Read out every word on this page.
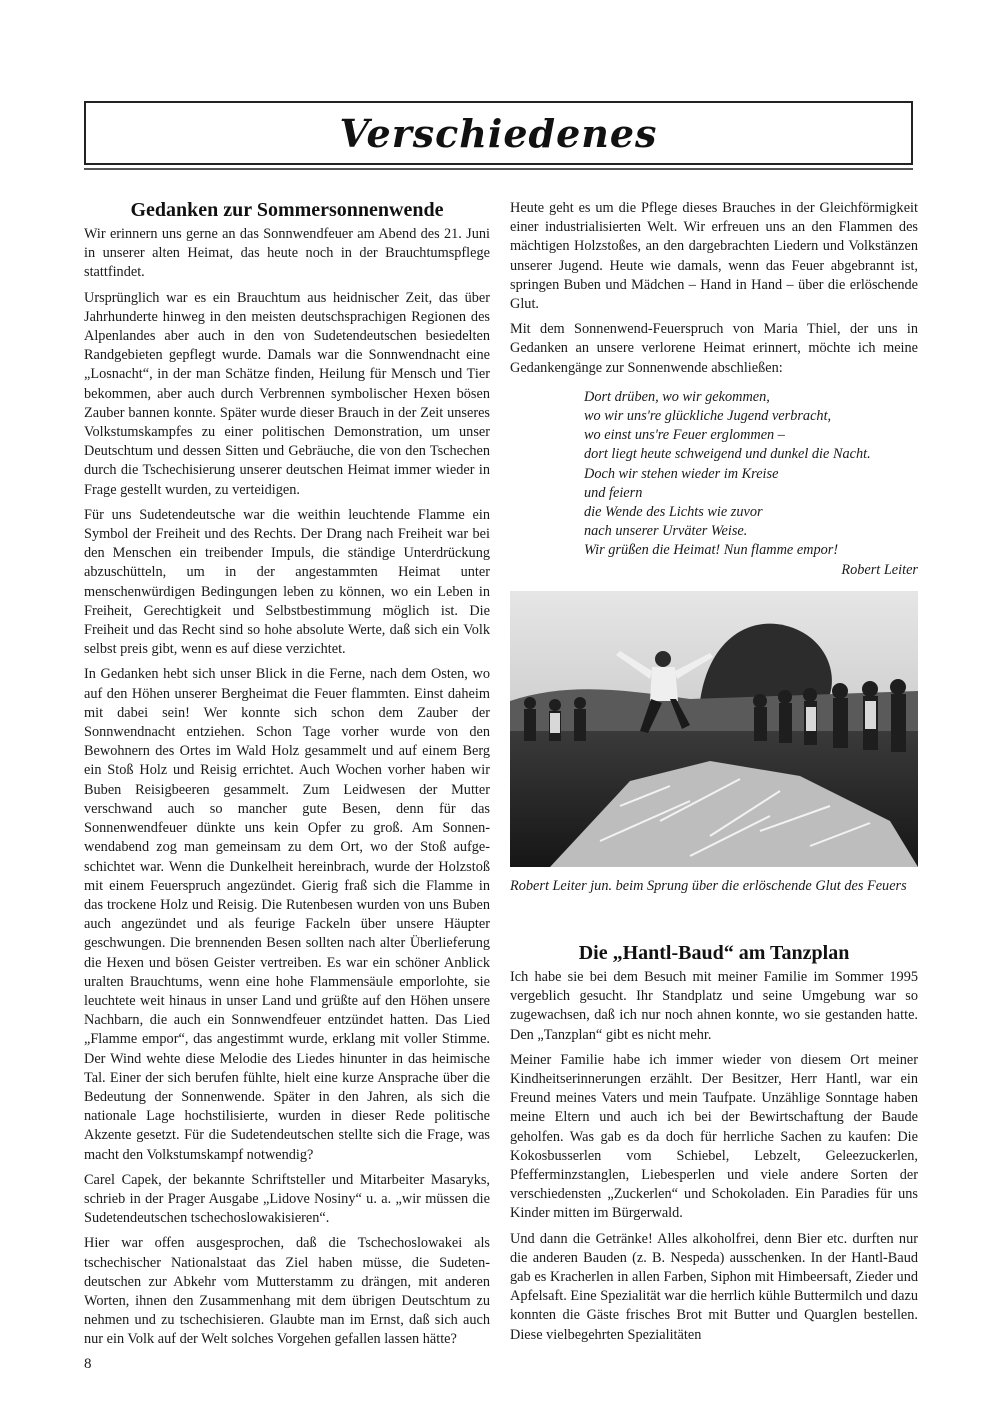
Verschiedenes
Gedanken zur Sommersonnenwende

Wir erinnern uns gerne an das Sonnwendfeuer am Abend des 21. Juni in unserer alten Heimat, das heute noch in der Brauchtumspflege stattfindet.

Ursprünglich war es ein Brauchtum aus heidnischer Zeit, das über Jahrhunderte hinweg in den meisten deutschsprachigen Regionen des Alpenlandes aber auch in den von Sudetendeutschen besiedelten Randgebieten gepflegt wurde. Damals war die Sonnwendnacht eine „Losnacht“, in der man Schätze finden, Heilung für Mensch und Tier bekommen, aber auch durch Verbrennen symbolischer Hexen bösen Zauber bannen konnte. Später wurde dieser Brauch in der Zeit unseres Volkstumskampfes zu einer politischen Demonstration, um unser Deutschtum und dessen Sitten und Gebräuche, die von den Tschechen durch die Tschechisierung unserer deutschen Heimat immer wieder in Frage gestellt wurden, zu verteidigen.

Für uns Sudetendeutsche war die weithin leuchtende Flamme ein Symbol der Freiheit und des Rechts. Der Drang nach Freiheit war bei den Menschen ein treibender Impuls, die ständige Unterdrückung abzuschütteln, um in der angestammten Heimat unter menschenwürdigen Bedingungen leben zu können, wo ein Leben in Freiheit, Gerechtigkeit und Selbstbestimmung möglich ist. Die Freiheit und das Recht sind so hohe absolute Werte, daß sich ein Volk selbst preis gibt, wenn es auf diese verzichtet.

In Gedanken hebt sich unser Blick in die Ferne, nach dem Osten, wo auf den Höhen unserer Bergheimat die Feuer flammten. Einst daheim mit dabei sein! Wer konnte sich schon dem Zauber der Sonnwendnacht entziehen. Schon Tage vorher wurde von den Bewohnern des Ortes im Wald Holz gesammelt und auf einem Berg ein Stoß Holz und Reisig errichtet. Auch Wochen vorher haben wir Buben Reisigbeeren gesammelt. Zum Leidwesen der Mutter verschwand auch so mancher gute Besen, denn für das Sonnenwendfeuer dünkte uns kein Opfer zu groß. Am Sonnenwendabend zog man gemeinsam zu dem Ort, wo der Stoß aufgeschichtet war. Wenn die Dunkelheit hereinbrach, wurde der Holzstoß mit einem Feuerspruch angezündet. Gierig fraß sich die Flamme in das trockene Holz und Reisig. Die Rutenbesen wurden von uns Buben auch angezündet und als feurige Fackeln über unsere Häupter geschwungen. Die brennenden Besen sollten nach alter Überlieferung die Hexen und bösen Geister vertreiben. Es war ein schöner Anblick uralten Brauchtums, wenn eine hohe Flammensäule emporlohte, sie leuchtete weit hinaus in unser Land und grüßte auf den Höhen unsere Nachbarn, die auch ein Sonnwendfeuer entzündet hatten. Das Lied „Flamme empor“, das angestimmt wurde, erklang mit voller Stimme. Der Wind wehte diese Melodie des Liedes hinunter in das heimische Tal. Einer der sich berufen fühlte, hielt eine kurze Ansprache über die Bedeutung der Sonnenwende. Später in den Jahren, als sich die nationale Lage hochstilisierte, wurden in dieser Rede politische Akzente gesetzt. Für die Sudetendeutschen stellte sich die Frage, was macht den Volkstumskampf notwendig?

Carel Capek, der bekannte Schriftsteller und Mitarbeiter Masaryks, schrieb in der Prager Ausgabe „Lidove Nosiny“ u. a. „wir müssen die Sudetendeutschen tschechoslowakisieren“.

Hier war offen ausgesprochen, daß die Tschechoslowakei als tschechischer Nationalstaat das Ziel haben müsse, die Sudetendeutschen zur Abkehr vom Mutterstamm zu drängen, mit anderen Worten, ihnen den Zusammenhang mit dem übrigen Deutschtum zu nehmen und zu tschechisieren. Glaubte man im Ernst, daß sich auch nur ein Volk auf der Welt solches Vorgehen gefallen lassen hätte?

Heute geht es um die Pflege dieses Brauches in der Gleichförmigkeit einer industrialisierten Welt. Wir erfreuen uns an den Flammen des mächtigen Holzstoßes, an den dargebrachten Liedern und Volkstänzen unserer Jugend. Heute wie damals, wenn das Feuer abgebrannt ist, springen Buben und Mädchen – Hand in Hand – über die erlöschende Glut.

Mit dem Sonnenwend-Feuerspruch von Maria Thiel, der uns in Gedanken an unsere verlorene Heimat erinnert, möchte ich meine Gedankengänge zur Sonnenwende abschließen:

Dort drüben, wo wir gekommen,
wo wir uns're glückliche Jugend verbracht,
wo einst uns're Feuer erglommen –
dort liegt heute schweigend und dunkel die Nacht.
Doch wir stehen wieder im Kreise
und feiern
die Wende des Lichts wie zuvor
nach unserer Urväter Weise.
Wir grüßen die Heimat! Nun flamme empor!
Robert Leiter
Robert Leiter jun. beim Sprung über die erlöschende Glut des Feuers
Die „Hantl-Baud“ am Tanzplan

Ich habe sie bei dem Besuch mit meiner Familie im Sommer 1995 vergeblich gesucht. Ihr Standplatz und seine Umgebung war so zugewachsen, daß ich nur noch ahnen konnte, wo sie gestanden hatte. Den „Tanzplan“ gibt es nicht mehr.

Meiner Familie habe ich immer wieder von diesem Ort meiner Kindheitserinnerungen erzählt. Der Besitzer, Herr Hantl, war ein Freund meines Vaters und mein Taufpate. Unzählige Sonntage haben meine Eltern und auch ich bei der Bewirtschaftung der Baude geholfen. Was gab es da doch für herrliche Sachen zu kaufen: Die Kokosbusserlen vom Schiebel, Lebzelt, Geleezuckerlen, Pfefferminzstanglen, Liebesperlen und viele andere Sorten der verschiedensten „Zuckerlen“ und Schokoladen. Ein Paradies für uns Kinder mitten im Bürgerwald.

Und dann die Getränke! Alles alkoholfrei, denn Bier etc. durften nur die anderen Bauden (z. B. Nespeda) ausschenken. In der Hantl-Baud gab es Kracherlen in allen Farben, Siphon mit Himbeersaft, Zieder und Apfelsaft. Eine Spezialität war die herrlich kühle Buttermilch und dazu konnten die Gäste frisches Brot mit Butter und Quarglen bestellen. Diese vielbegehrten Spezialitäten

8
